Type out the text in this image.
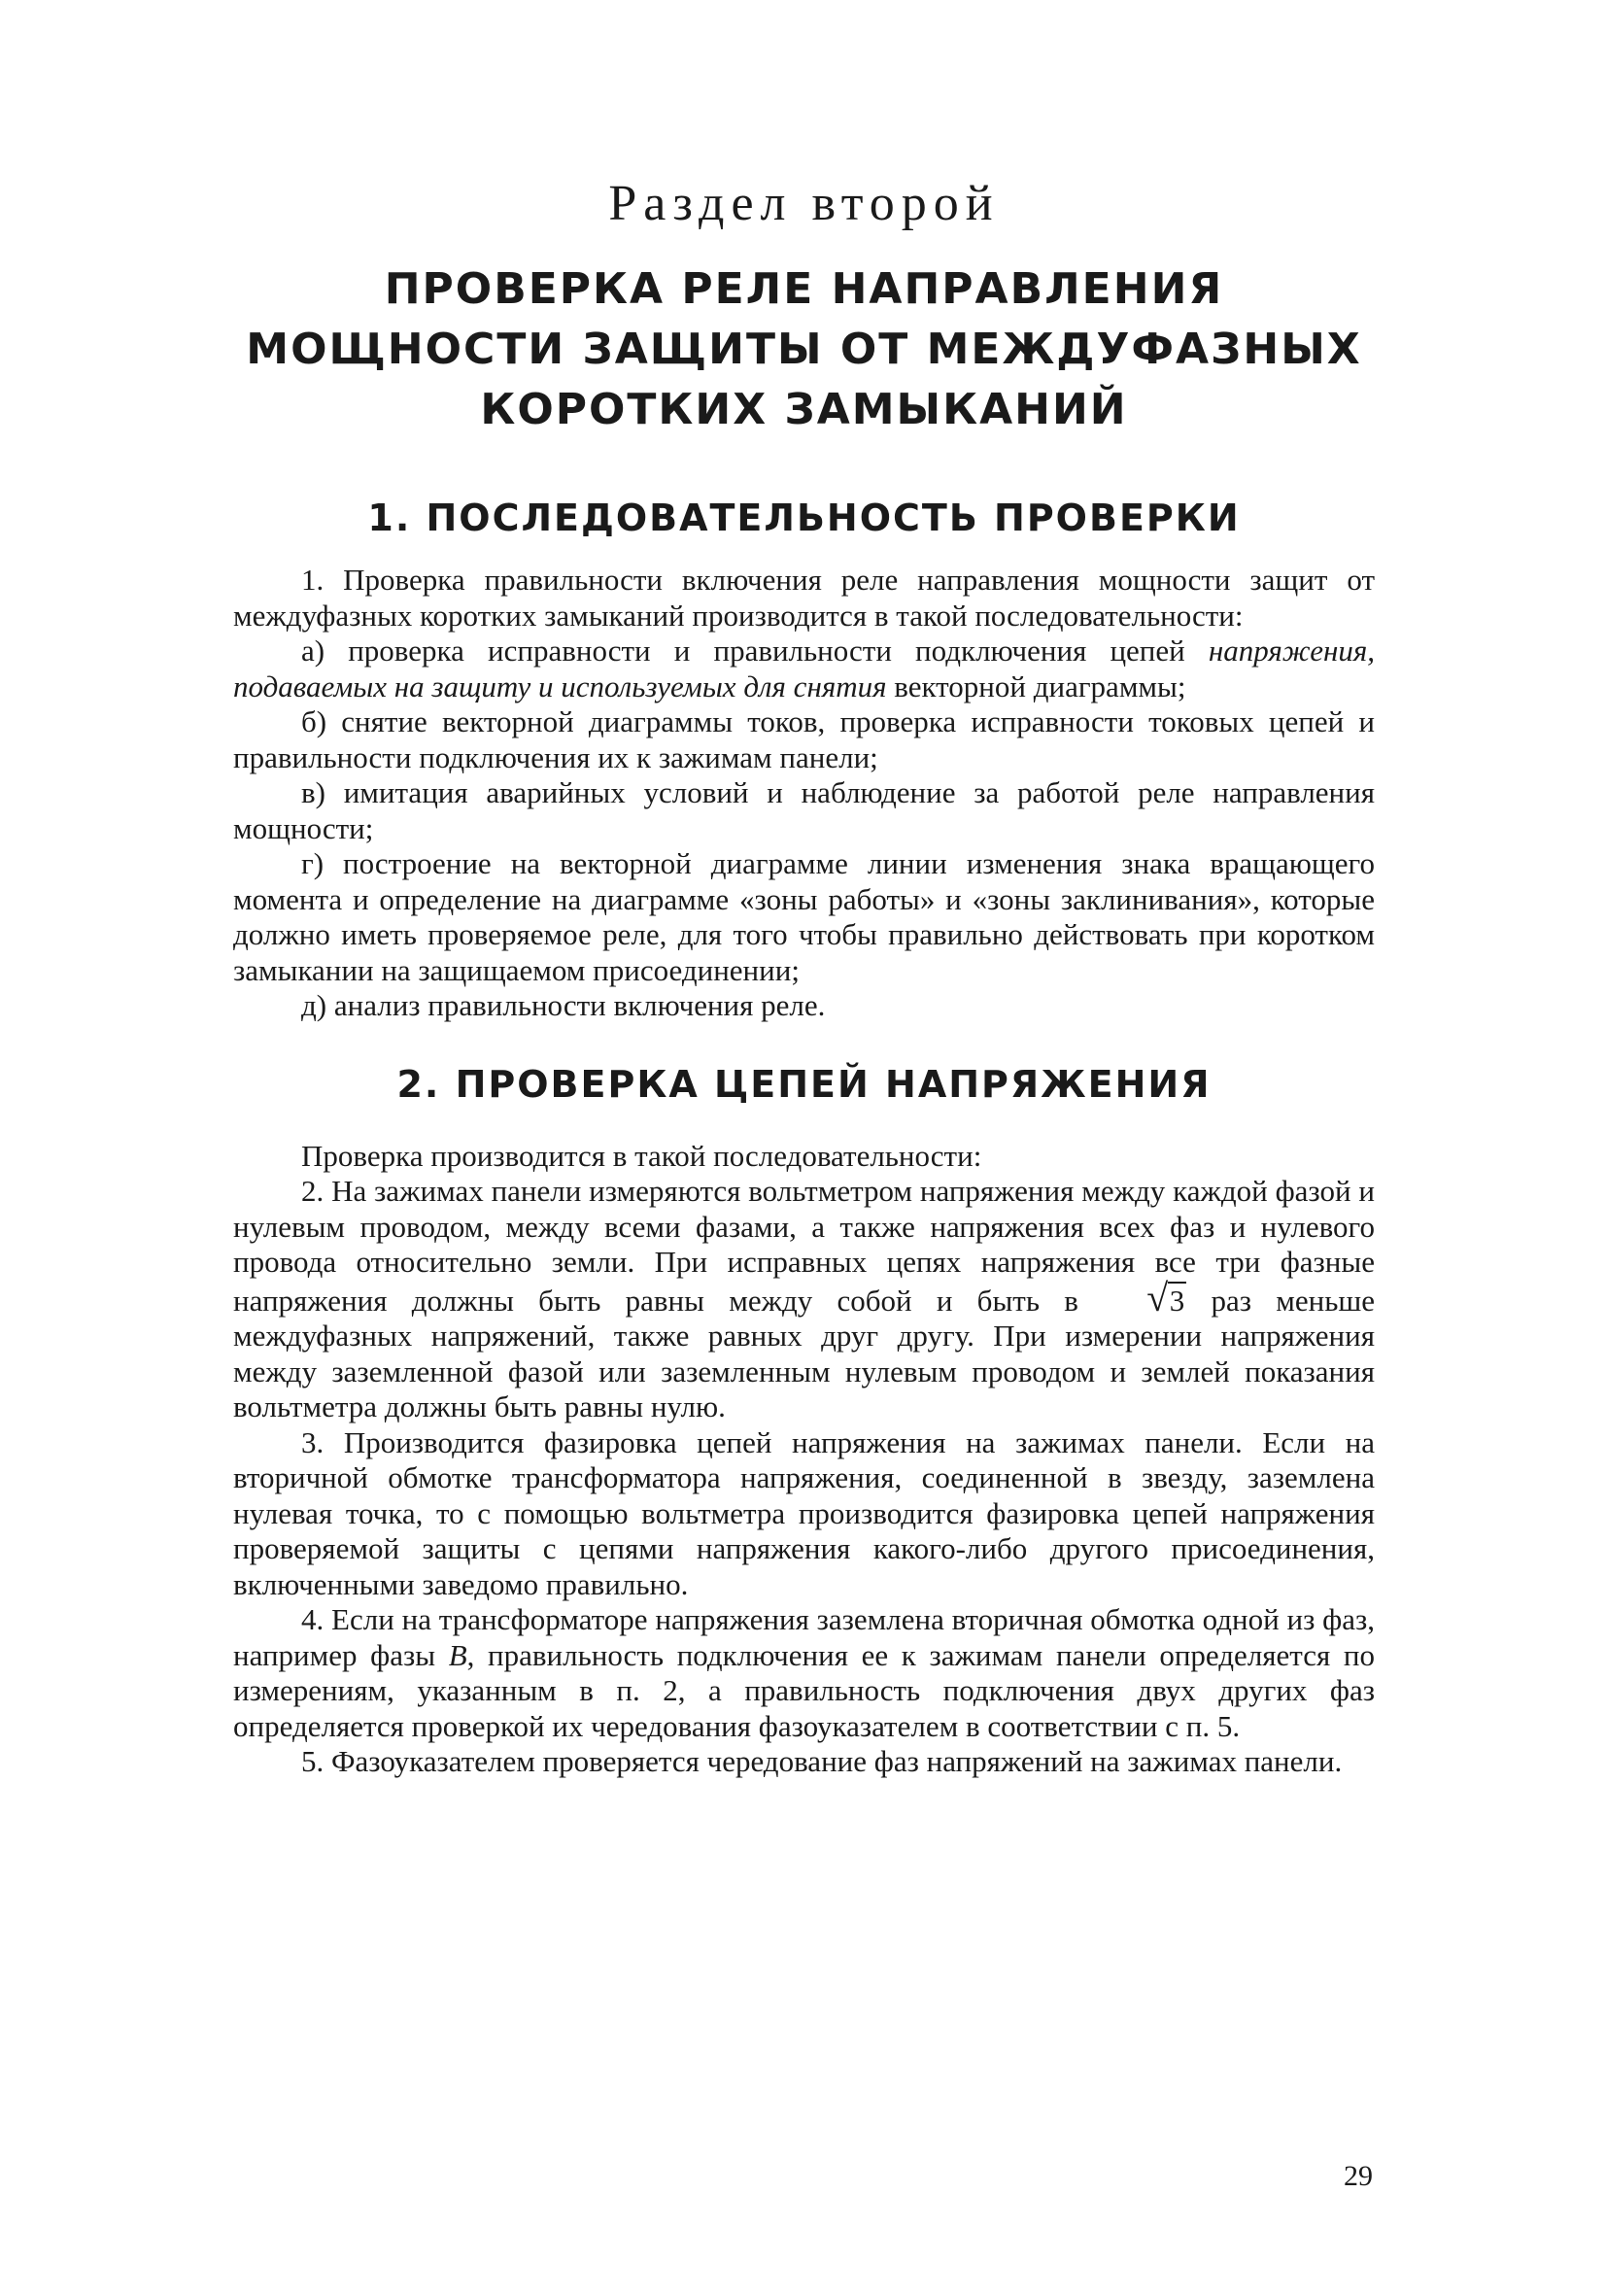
Раздел второй
ПРОВЕРКА РЕЛЕ НАПРАВЛЕНИЯ
МОЩНОСТИ ЗАЩИТЫ ОТ МЕЖДУФАЗНЫХ
КОРОТКИХ ЗАМЫКАНИЙ
1. ПОСЛЕДОВАТЕЛЬНОСТЬ ПРОВЕРКИ

1. Проверка правильности включения реле направления мощности защит от междуфазных коротких замыканий производится в такой последовательности:

а) проверка исправности и правильности подключения цепей напряжения, подаваемых на защиту и используемых для снятия векторной диаграммы;

б) снятие векторной диаграммы токов, проверка исправности токовых цепей и правильности подключения их к зажимам панели;

в) имитация аварийных условий и наблюдение за работой реле направления мощности;

г) построение на векторной диаграмме линии изменения знака вращающего момента и определение на диаграмме «зоны работы» и «зоны заклинивания», которые должно иметь проверяемое реле, для того чтобы правильно действовать при коротком замыкании на защищаемом присоединении;

д) анализ правильности включения реле.

2. ПРОВЕРКА ЦЕПЕЙ НАПРЯЖЕНИЯ

Проверка производится в такой последовательности:

2. На зажимах панели измеряются вольтметром напряжения между каждой фазой и нулевым проводом, между всеми фазами, а также напряжения всех фаз и нулевого провода относительно земли. При исправных цепях напряжения все три фазные напряжения должны быть равны между собой и быть в √3 раз меньше междуфазных напряжений, также равных друг другу. При измерении напряжения между заземленной фазой или заземленным нулевым проводом и землей показания вольтметра должны быть равны нулю.

3. Производится фазировка цепей напряжения на зажимах панели. Если на вторичной обмотке трансформатора напряжения, соединенной в звезду, заземлена нулевая точка, то с помощью вольтметра производится фазировка цепей напряжения проверяемой защиты с цепями напряжения какого-либо другого присоединения, включенными заведомо правильно.

4. Если на трансформаторе напряжения заземлена вторичная обмотка одной из фаз, например фазы B, правильность подключения ее к зажимам панели определяется по измерениям, указанным в п. 2, а правильность подключения двух других фаз определяется проверкой их чередования фазоуказателем в соответствии с п. 5.

5. Фазоуказателем проверяется чередование фаз напряжений на зажимах панели.

29
